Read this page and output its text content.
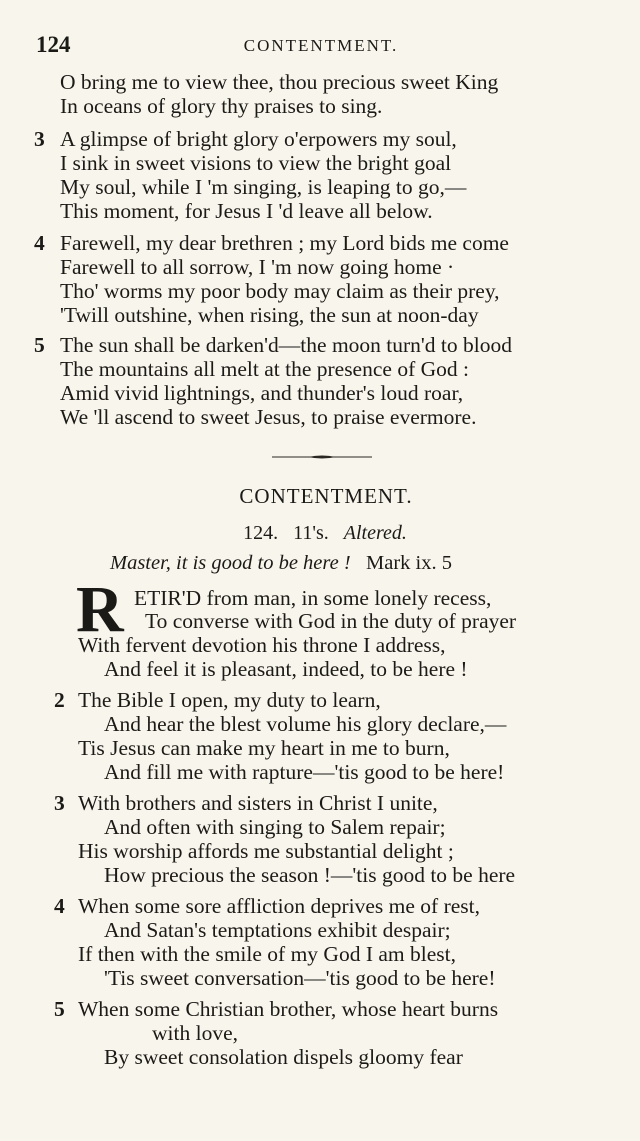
124	CONTENTMENT.
O bring me to view thee, thou precious sweet King
In oceans of glory thy praises to sing.
3 A glimpse of bright glory o'erpowers my soul,
I sink in sweet visions to view the bright goal
My soul, while I 'm singing, is leaping to go,—
This moment, for Jesus I 'd leave all below.
4 Farewell, my dear brethren ; my Lord bids me come
Farewell to all sorrow, I 'm now going home ·
Tho' worms my poor body may claim as their prey,
'Twill outshine, when rising, the sun at noon-day
5 The sun shall be darken'd—the moon turn'd to blood
The mountains all melt at the presence of God :
Amid vivid lightnings, and thunder's loud roar,
We 'll ascend to sweet Jesus, to praise evermore.
CONTENTMENT.
124. 11's. Altered.
Master, it is good to be here ! Mark ix. 5
R ETIR'D from man, in some lonely recess,
To converse with God in the duty of prayer
With fervent devotion his throne I address,
And feel it is pleasant, indeed, to be here !
2 The Bible I open, my duty to learn,
And hear the blest volume his glory declare,—
Tis Jesus can make my heart in me to burn,
And fill me with rapture—'tis good to be here!
3 With brothers and sisters in Christ I unite,
And often with singing to Salem repair;
His worship affords me substantial delight ;
How precious the season !—'tis good to be here
4 When some sore affliction deprives me of rest,
And Satan's temptations exhibit despair;
If then with the smile of my God I am blest,
'Tis sweet conversation—'tis good to be here!
5 When some Christian brother, whose heart burns
with love,
By sweet consolation dispels gloomy fear
